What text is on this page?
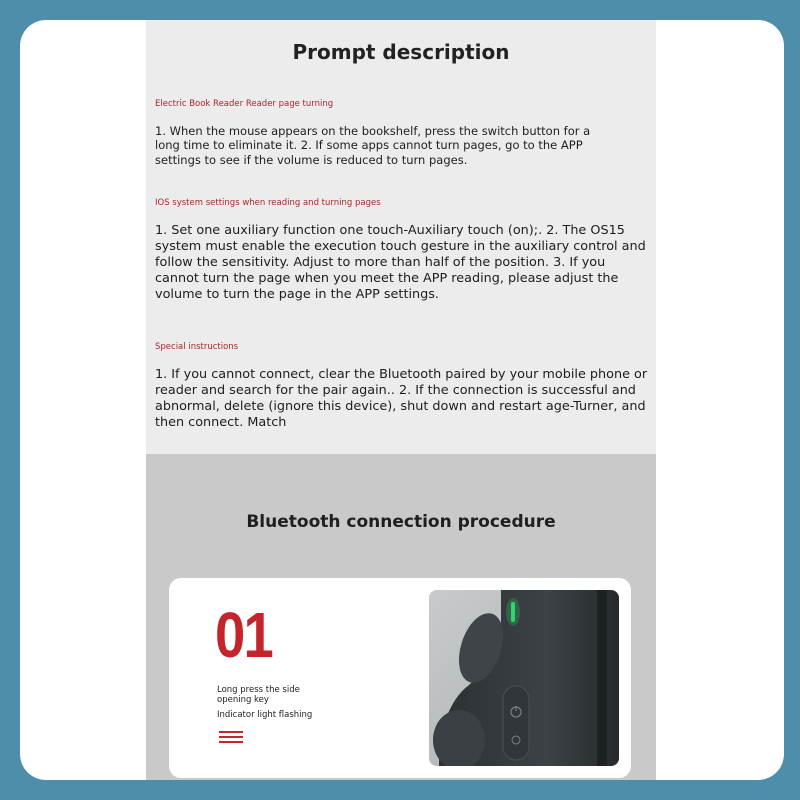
Prompt description
Electric Book Reader Reader page turning
1. When the mouse appears on the bookshelf, press the switch button for a long time to eliminate it. 2. If some apps cannot turn pages, go to the APP settings to see if the volume is reduced to turn pages.
IOS system settings when reading and turning pages
1. Set one auxiliary function one touch-Auxiliary touch (on);. 2. The OS15 system must enable the execution touch gesture in the auxiliary control and follow the sensitivity. Adjust to more than half of the position. 3. If you cannot turn the page when you meet the APP reading, please adjust the volume to turn the page in the APP settings.
Special instructions
1. If you cannot connect, clear the Bluetooth paired by your mobile phone or reader and search for the pair again.. 2. If the connection is successful and abnormal, delete (ignore this device), shut down and restart age-Turner, and then connect. Match
Bluetooth connection procedure
01
Long press the side opening key
Indicator light flashing
